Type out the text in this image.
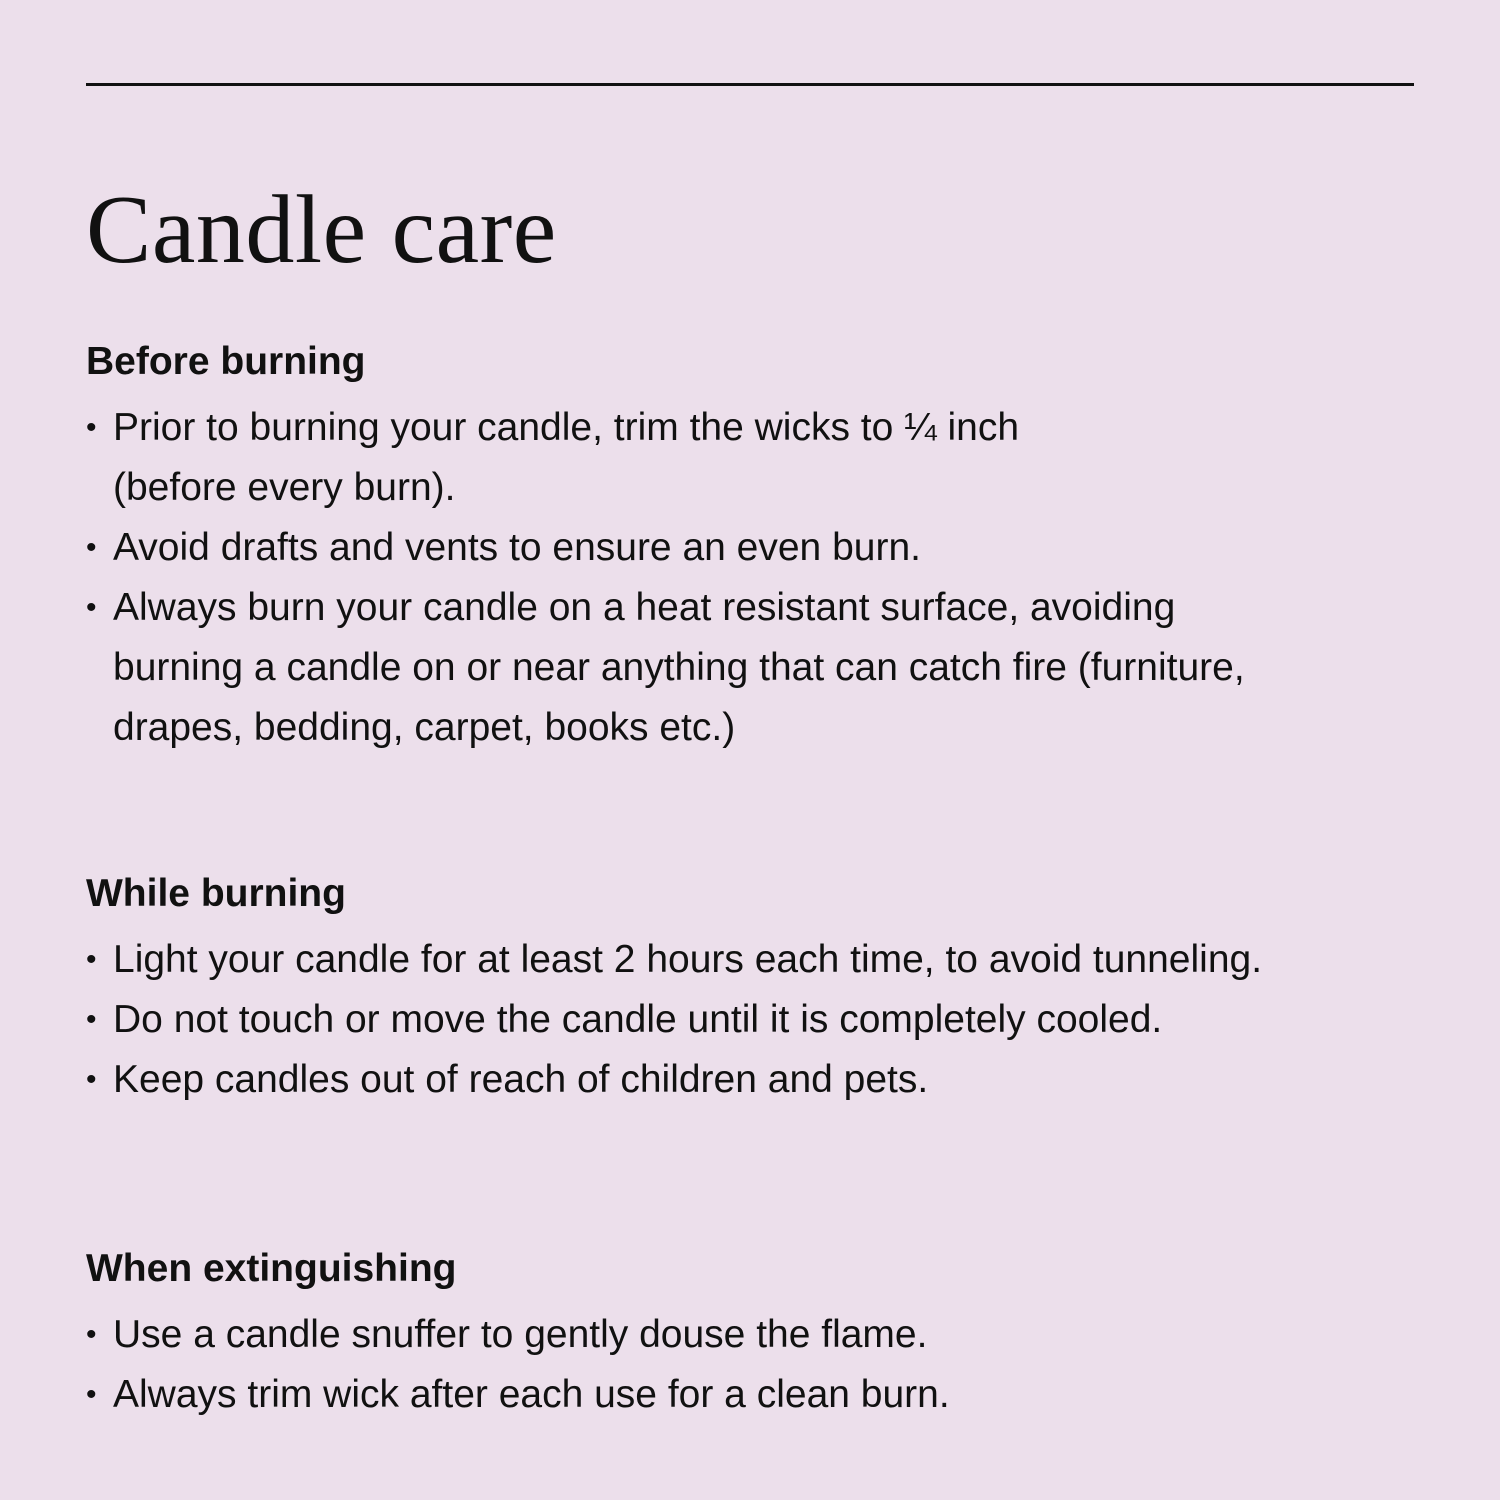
Candle care
Before burning
• Prior to burning your candle, trim the wicks to ¼ inch
(before every burn).
• Avoid drafts and vents to ensure an even burn.
• Always burn your candle on a heat resistant surface, avoiding
burning a candle on or near anything that can catch fire (furniture,
drapes, bedding, carpet, books etc.)
While burning
• Light your candle for at least 2 hours each time, to avoid tunneling.
• Do not touch or move the candle until it is completely cooled.
• Keep candles out of reach of children and pets.
When extinguishing
• Use a candle snuffer to gently douse the flame.
• Always trim wick after each use for a clean burn.
